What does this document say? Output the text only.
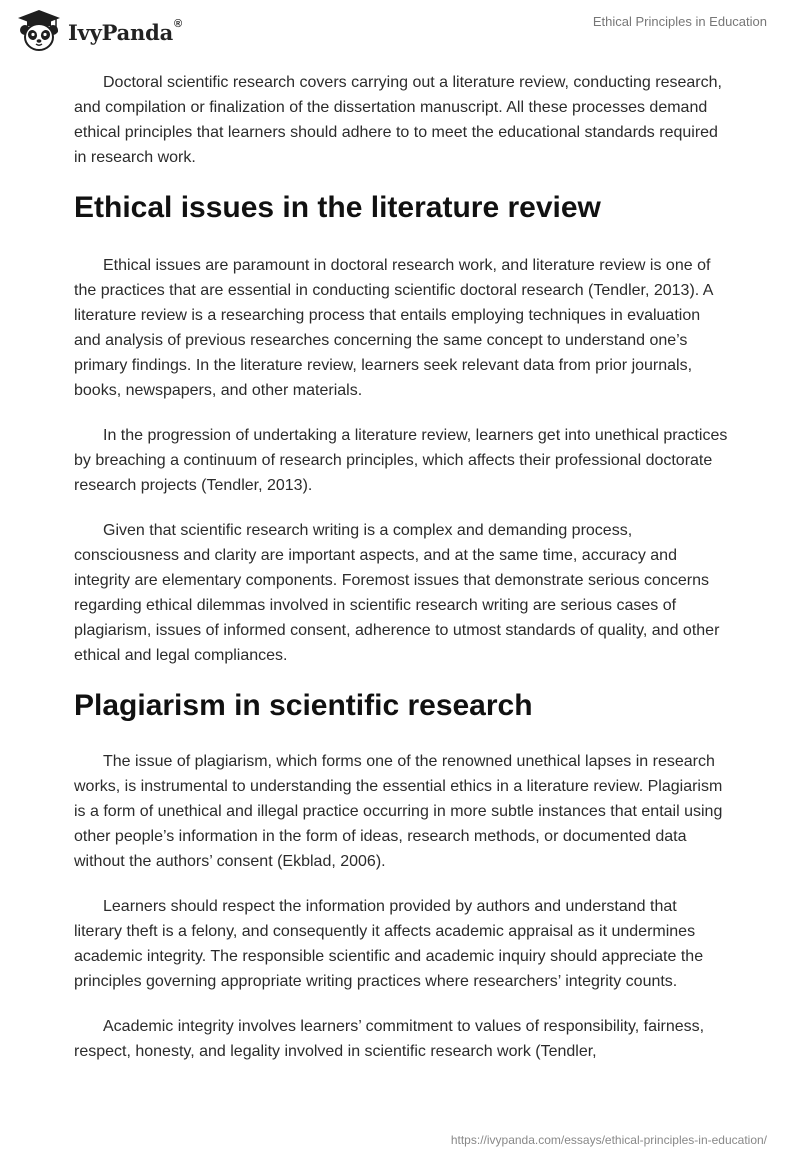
IvyPanda®	Ethical Principles in Education

Doctoral scientific research covers carrying out a literature review, conducting research, and compilation or finalization of the dissertation manuscript. All these processes demand ethical principles that learners should adhere to to meet the educational standards required in research work.

Ethical issues in the literature review

Ethical issues are paramount in doctoral research work, and literature review is one of the practices that are essential in conducting scientific doctoral research (Tendler, 2013). A literature review is a researching process that entails employing techniques in evaluation and analysis of previous researches concerning the same concept to understand one’s primary findings. In the literature review, learners seek relevant data from prior journals, books, newspapers, and other materials.

In the progression of undertaking a literature review, learners get into unethical practices by breaching a continuum of research principles, which affects their professional doctorate research projects (Tendler, 2013).

Given that scientific research writing is a complex and demanding process, consciousness and clarity are important aspects, and at the same time, accuracy and integrity are elementary components. Foremost issues that demonstrate serious concerns regarding ethical dilemmas involved in scientific research writing are serious cases of plagiarism, issues of informed consent, adherence to utmost standards of quality, and other ethical and legal compliances.

Plagiarism in scientific research

The issue of plagiarism, which forms one of the renowned unethical lapses in research works, is instrumental to understanding the essential ethics in a literature review. Plagiarism is a form of unethical and illegal practice occurring in more subtle instances that entail using other people’s information in the form of ideas, research methods, or documented data without the authors’ consent (Ekblad, 2006).

Learners should respect the information provided by authors and understand that literary theft is a felony, and consequently it affects academic appraisal as it undermines academic integrity. The responsible scientific and academic inquiry should appreciate the principles governing appropriate writing practices where researchers’ integrity counts.

Academic integrity involves learners’ commitment to values of responsibility, fairness, respect, honesty, and legality involved in scientific research work (Tendler,

https://ivypanda.com/essays/ethical-principles-in-education/
